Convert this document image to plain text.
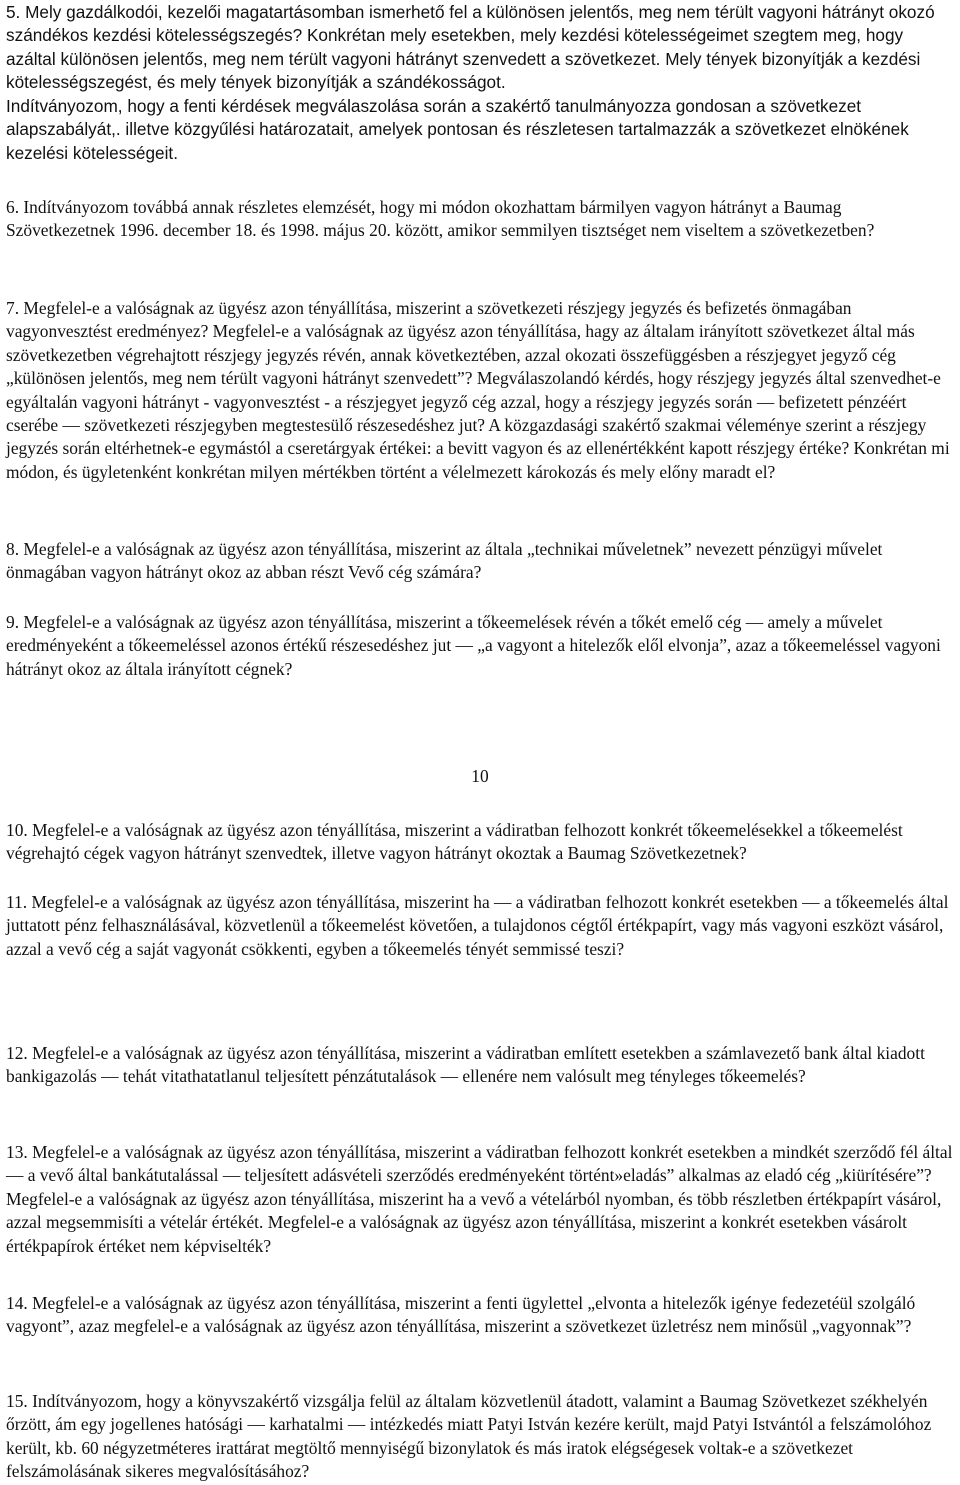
5. Mely gazdálkodói, kezelői magatartásomban ismerhető fel a különösen jelentős, meg nem térült vagyoni hátrányt okozó szándékos kezdési kötelességszegés? Konkrétan mely esetekben, mely kezdési kötelességeimet szegtem meg, hogy azáltal különösen jelentős, meg nem térült vagyoni hátrányt szenvedett a szövetkezet. Mely tények bizonyítják a kezdési kötelességszegést, és mely tények bizonyítják a szándékosságot.

Indítványozom, hogy a fenti kérdések megválaszolása során a szakértő tanulmányozza gondosan a szövetkezet alapszabályát,. illetve közgyűlési határozatait, amelyek pontosan és részletesen tartalmazzák a szövetkezet elnökének kezelési kötelességeit.

6. Indítványozom továbbá annak részletes elemzését, hogy mi módon okozhattam bármilyen vagyon hátrányt a Baumag Szövetkezetnek 1996. december 18. és 1998. május 20. között, amikor semmilyen tisztséget nem viseltem a szövetkezetben?

7. Megfelel-e a valóságnak az ügyész azon tényállítása, miszerint a szövetkezeti részjegy jegyzés és befizetés önmagában vagyonvesztést eredményez? Megfelel-e a valóságnak az ügyész azon tényállítása, hagy az általam irányított szövetkezet által más szövetkezetben végrehajtott részjegy jegyzés révén, annak következtében, azzal okozati összefüggésben a részjegyet jegyző cég „különösen jelentős, meg nem térült vagyoni hátrányt szenvedett”? Megválaszolandó kérdés, hogy részjegy jegyzés által szenvedhet-e egyáltalán vagyoni hátrányt - vagyonvesztést - a részjegyet jegyző cég azzal, hogy a részjegy jegyzés során — befizetett pénzéért cserébe — szövetkezeti részjegyben megtestesülő részesedéshez jut? A közgazdasági szakértő szakmai véleménye szerint a részjegy jegyzés során eltérhetnek-e egymástól a cseretárgyak értékei: a bevitt vagyon és az ellenértékként kapott részjegy értéke? Konkrétan mi módon, és ügyletenként konkrétan milyen mértékben történt a vélelmezett károkozás és mely előny maradt el?

8. Megfelel-e a valóságnak az ügyész azon tényállítása, miszerint az általa „technikai műveletnek” nevezett pénzügyi művelet önmagában vagyon hátrányt okoz az abban részt Vevő cég számára?

9. Megfelel-e a valóságnak az ügyész azon tényállítása, miszerint a tőkeemelések révén a tőkét emelő cég — amely a művelet eredményeként a tőkeemeléssel azonos értékű részesedéshez jut — „a vagyont a hitelezők elől elvonja”, azaz a tőkeemeléssel vagyoni hátrányt okoz az általa irányított cégnek?

10

10. Megfelel-e a valóságnak az ügyész azon tényállítása, miszerint a vádiratban felhozott konkrét tőkeemelésekkel a tőkeemelést végrehajtó cégek vagyon hátrányt szenvedtek, illetve vagyon hátrányt okoztak a Baumag Szövetkezetnek?

11. Megfelel-e a valóságnak az ügyész azon tényállítása, miszerint ha — a vádiratban felhozott konkrét esetekben — a tőkeemelés által juttatott pénz felhasználásával, közvetlenül a tőkeemelést követően, a tulajdonos cégtől értékpapírt, vagy más vagyoni eszközt vásárol, azzal a vevő cég a saját vagyonát csökkenti, egyben a tőkeemelés tényét semmissé teszi?

12. Megfelel-e a valóságnak az ügyész azon tényállítása, miszerint a vádiratban említett esetekben a számlavezető bank által kiadott bankigazolás — tehát vitathatatlanul teljesített pénzátutalások — ellenére nem valósult meg tényleges tőkeemelés?

13. Megfelel-e a valóságnak az ügyész azon tényállítása, miszerint a vádiratban felhozott konkrét esetekben a mindkét szerződő fél által — a vevő által bankátutalással — teljesített adásvételi szerződés eredményeként történt»eladás” alkalmas az eladó cég „kiürítésére”? Megfelel-e a valóságnak az ügyész azon tényállítása, miszerint ha a vevő a vételárból nyomban, és több részletben értékpapírt vásárol, azzal megsemmisíti a vételár értékét. Megfelel-e a valóságnak az ügyész azon tényállítása, miszerint a konkrét esetekben vásárolt értékpapírok értéket nem képviselték?

14. Megfelel-e a valóságnak az ügyész azon tényállítása, miszerint a fenti ügylettel „elvonta a hitelezők igénye fedezetéül szolgáló vagyont”, azaz megfelel-e a valóságnak az ügyész azon tényállítása, miszerint a szövetkezet üzletrész nem minősül „vagyonnak”?

15. Indítványozom, hogy a könyvszakértő vizsgálja felül az általam közvetlenül átadott, valamint a Baumag Szövetkezet székhelyén őrzött, ám egy jogellenes hatósági — karhatalmi — intézkedés miatt Patyi István kezére került, majd Patyi Istvántól a felszámolóhoz került, kb. 60 négyzetméteres irattárat megtöltő mennyiségű bizonylatok és más iratok elégségesek voltak-e a szövetkezet felszámolásának sikeres megvalósításához?
